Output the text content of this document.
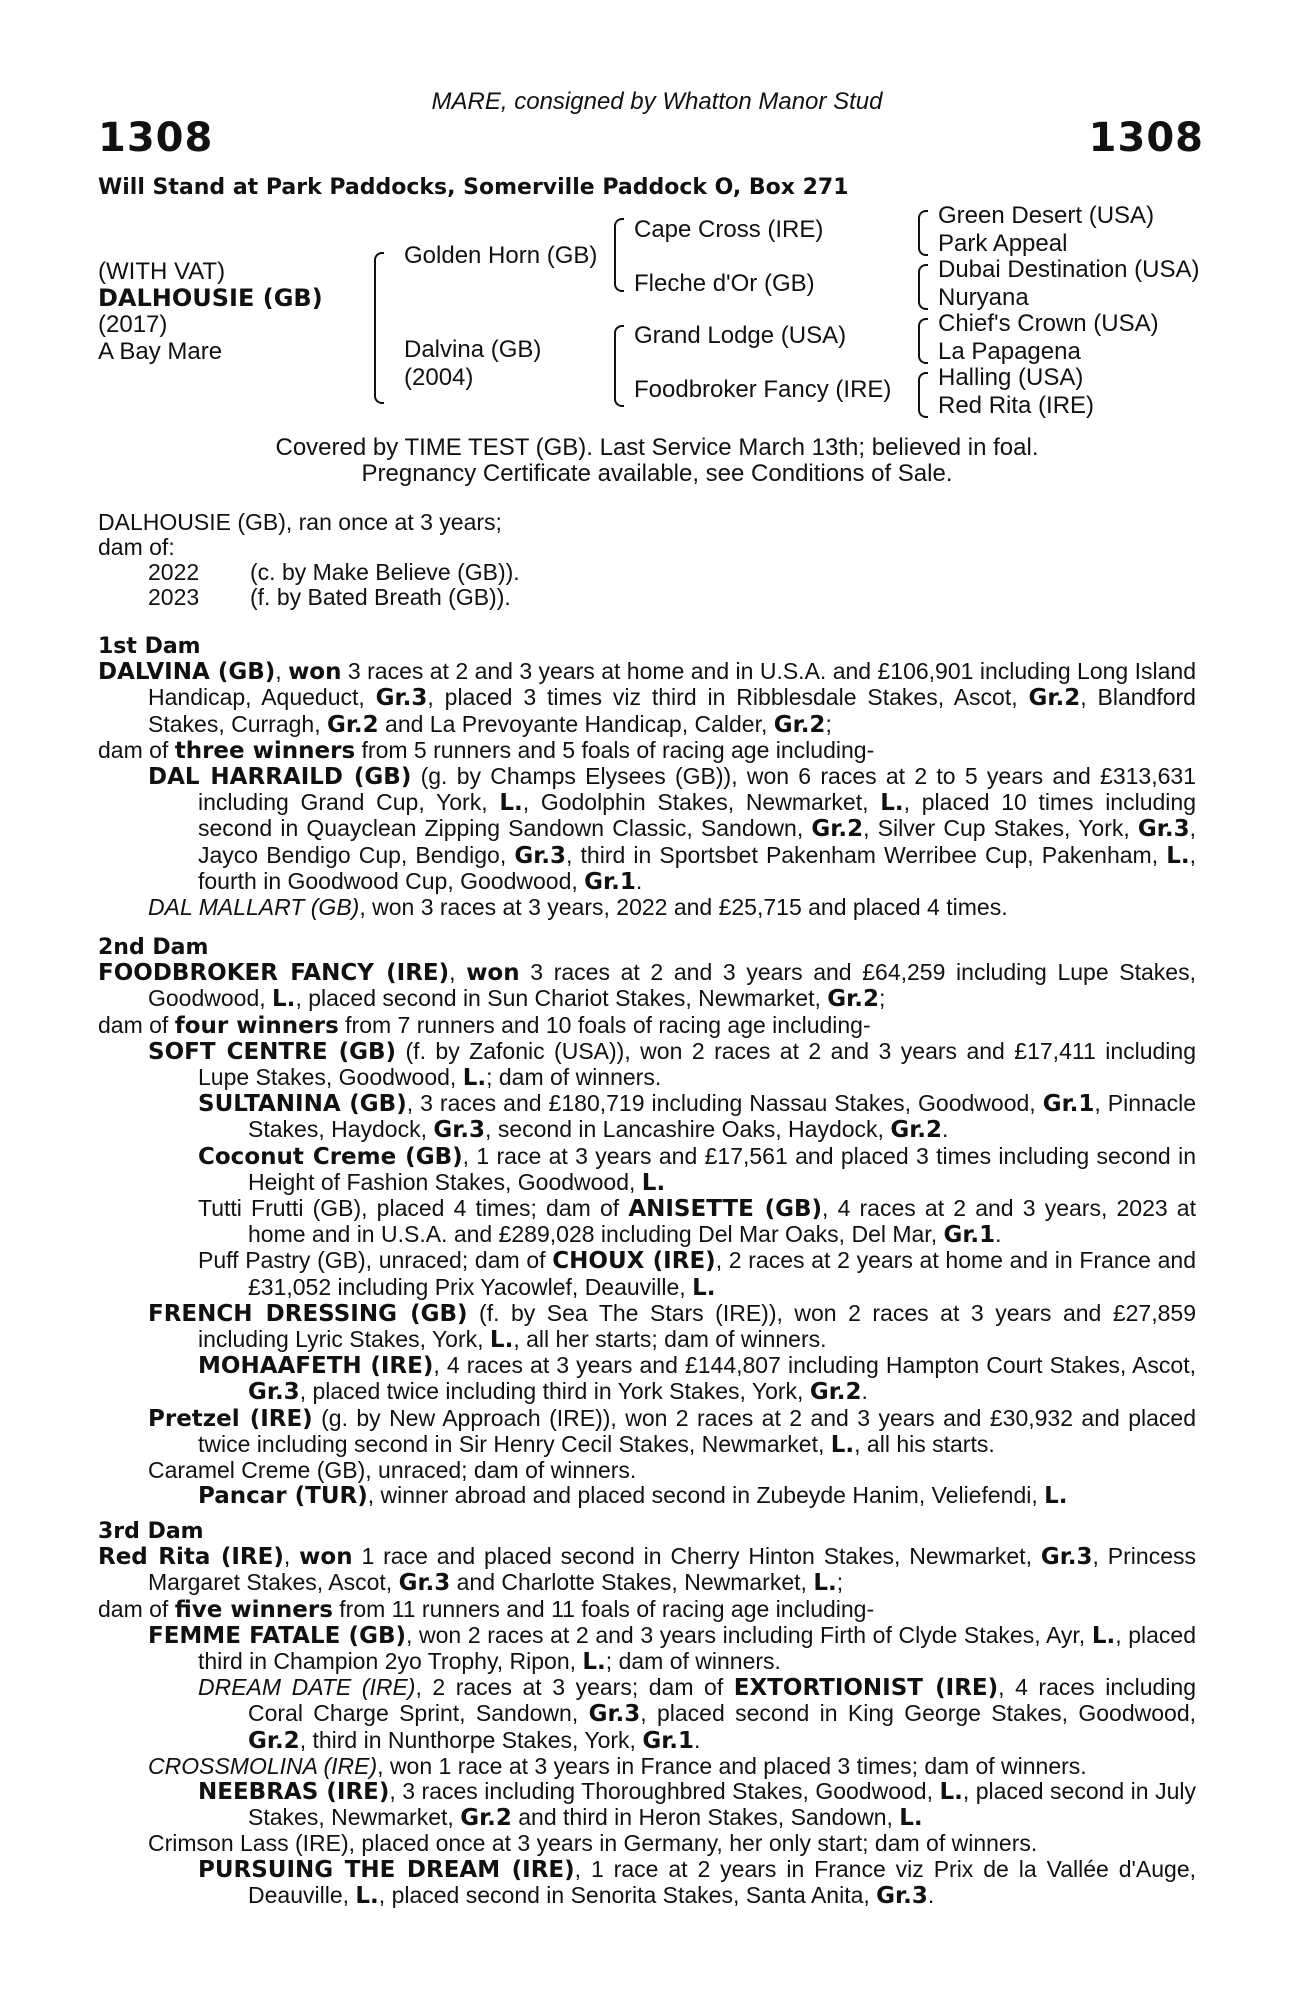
MARE, consigned by Whatton Manor Stud
1308	1308
Will Stand at Park Paddocks, Somerville Paddock O, Box 271
(WITH VAT)
DALHOUSIE (GB)
(2017)
A Bay Mare
Golden Horn (GB)
Dalvina (GB)
(2004)
Cape Cross (IRE)
Fleche d'Or (GB)
Grand Lodge (USA)
Foodbroker Fancy (IRE)
Green Desert (USA)
Park Appeal
Dubai Destination (USA)
Nuryana
Chief's Crown (USA)
La Papagena
Halling (USA)
Red Rita (IRE)
Covered by TIME TEST (GB). Last Service March 13th; believed in foal.
Pregnancy Certificate available, see Conditions of Sale.
DALHOUSIE (GB), ran once at 3 years;
dam of:
2022 (c. by Make Believe (GB)).
2023 (f. by Bated Breath (GB)).
1st Dam

DALVINA (GB), won 3 races at 2 and 3 years at home and in U.S.A. and £106,901 including Long Island Handicap, Aqueduct, Gr.3, placed 3 times viz third in Ribblesdale Stakes, Ascot, Gr.2, Blandford Stakes, Curragh, Gr.2 and La Prevoyante Handicap, Calder, Gr.2;

dam of three winners from 5 runners and 5 foals of racing age including-

DAL HARRAILD (GB) (g. by Champs Elysees (GB)), won 6 races at 2 to 5 years and £313,631 including Grand Cup, York, L., Godolphin Stakes, Newmarket, L., placed 10 times including second in Quayclean Zipping Sandown Classic, Sandown, Gr.2, Silver Cup Stakes, York, Gr.3, Jayco Bendigo Cup, Bendigo, Gr.3, third in Sportsbet Pakenham Werribee Cup, Pakenham, L., fourth in Goodwood Cup, Goodwood, Gr.1.

DAL MALLART (GB), won 3 races at 3 years, 2022 and £25,715 and placed 4 times.

2nd Dam

FOODBROKER FANCY (IRE), won 3 races at 2 and 3 years and £64,259 including Lupe Stakes, Goodwood, L., placed second in Sun Chariot Stakes, Newmarket, Gr.2;

dam of four winners from 7 runners and 10 foals of racing age including-

SOFT CENTRE (GB) (f. by Zafonic (USA)), won 2 races at 2 and 3 years and £17,411 including Lupe Stakes, Goodwood, L.; dam of winners.

SULTANINA (GB), 3 races and £180,719 including Nassau Stakes, Goodwood, Gr.1, Pinnacle Stakes, Haydock, Gr.3, second in Lancashire Oaks, Haydock, Gr.2.

Coconut Creme (GB), 1 race at 3 years and £17,561 and placed 3 times including second in Height of Fashion Stakes, Goodwood, L.

Tutti Frutti (GB), placed 4 times; dam of ANISETTE (GB), 4 races at 2 and 3 years, 2023 at home and in U.S.A. and £289,028 including Del Mar Oaks, Del Mar, Gr.1.

Puff Pastry (GB), unraced; dam of CHOUX (IRE), 2 races at 2 years at home and in France and £31,052 including Prix Yacowlef, Deauville, L.

FRENCH DRESSING (GB) (f. by Sea The Stars (IRE)), won 2 races at 3 years and £27,859 including Lyric Stakes, York, L., all her starts; dam of winners.

MOHAAFETH (IRE), 4 races at 3 years and £144,807 including Hampton Court Stakes, Ascot, Gr.3, placed twice including third in York Stakes, York, Gr.2.

Pretzel (IRE) (g. by New Approach (IRE)), won 2 races at 2 and 3 years and £30,932 and placed twice including second in Sir Henry Cecil Stakes, Newmarket, L., all his starts.

Caramel Creme (GB), unraced; dam of winners.

Pancar (TUR), winner abroad and placed second in Zubeyde Hanim, Veliefendi, L.

3rd Dam

Red Rita (IRE), won 1 race and placed second in Cherry Hinton Stakes, Newmarket, Gr.3, Princess Margaret Stakes, Ascot, Gr.3 and Charlotte Stakes, Newmarket, L.;

dam of five winners from 11 runners and 11 foals of racing age including-

FEMME FATALE (GB), won 2 races at 2 and 3 years including Firth of Clyde Stakes, Ayr, L., placed third in Champion 2yo Trophy, Ripon, L.; dam of winners.

DREAM DATE (IRE), 2 races at 3 years; dam of EXTORTIONIST (IRE), 4 races including Coral Charge Sprint, Sandown, Gr.3, placed second in King George Stakes, Goodwood, Gr.2, third in Nunthorpe Stakes, York, Gr.1.

CROSSMOLINA (IRE), won 1 race at 3 years in France and placed 3 times; dam of winners.

NEEBRAS (IRE), 3 races including Thoroughbred Stakes, Goodwood, L., placed second in July Stakes, Newmarket, Gr.2 and third in Heron Stakes, Sandown, L.

Crimson Lass (IRE), placed once at 3 years in Germany, her only start; dam of winners.

PURSUING THE DREAM (IRE), 1 race at 2 years in France viz Prix de la Vallée d'Auge, Deauville, L., placed second in Senorita Stakes, Santa Anita, Gr.3.
